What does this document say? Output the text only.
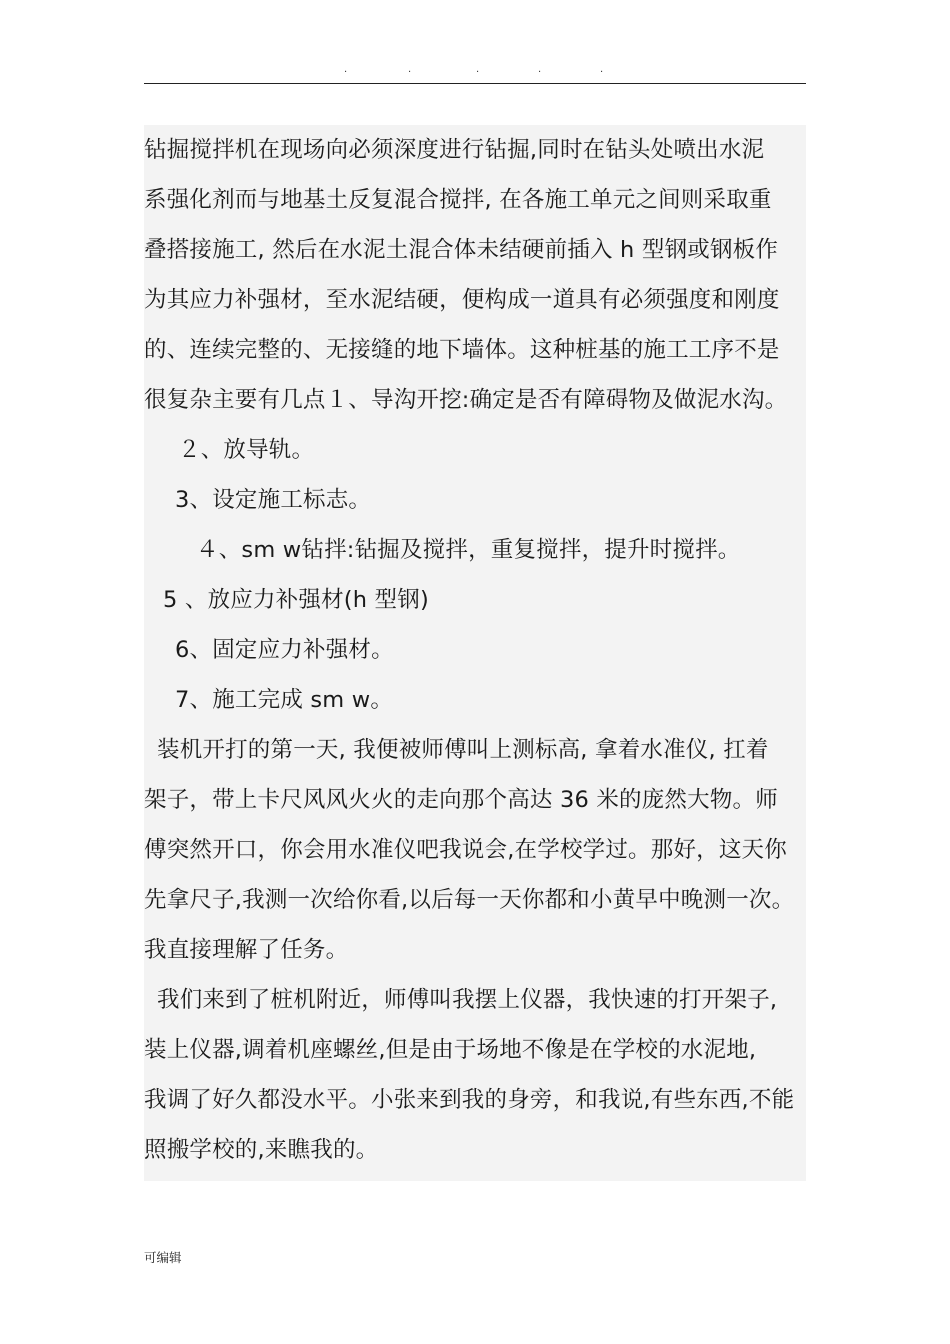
.	.	.	.	.
钻掘搅拌机在现场向必须深度进行钻掘,同时在钻头处喷出水泥
系强化剂而与地基土反复混合搅拌, 在各施工单元之间则采取重
叠搭接施工, 然后在水泥土混合体未结硬前插入 h 型钢或钢板作
为其应力补强材，至水泥结硬，便构成一道具有必须强度和刚度
的、连续完整的、无接缝的地下墙体。这种桩基的施工工序不是
很复杂主要有几点１、导沟开挖:确定是否有障碍物及做泥水沟。
２、放导轨。
3、设定施工标志。
４、sm w钻拌:钻掘及搅拌，重复搅拌，提升时搅拌。
5 、放应力补强材(h 型钢)
6、固定应力补强材。
7、施工完成 sm w。
装机开打的第一天, 我便被师傅叫上测标高, 拿着水准仪, 扛着
架子，带上卡尺风风火火的走向那个高达 36 米的庞然大物。师
傅突然开口，你会用水准仪吧我说会,在学校学过。那好，这天你
先拿尺子,我测一次给你看,以后每一天你都和小黄早中晚测一次。
我直接理解了任务。
我们来到了桩机附近，师傅叫我摆上仪器，我快速的打开架子,
装上仪器,调着机座螺丝,但是由于场地不像是在学校的水泥地,
我调了好久都没水平。小张来到我的身旁，和我说,有些东西,不能
照搬学校的,来瞧我的。
可编辑
